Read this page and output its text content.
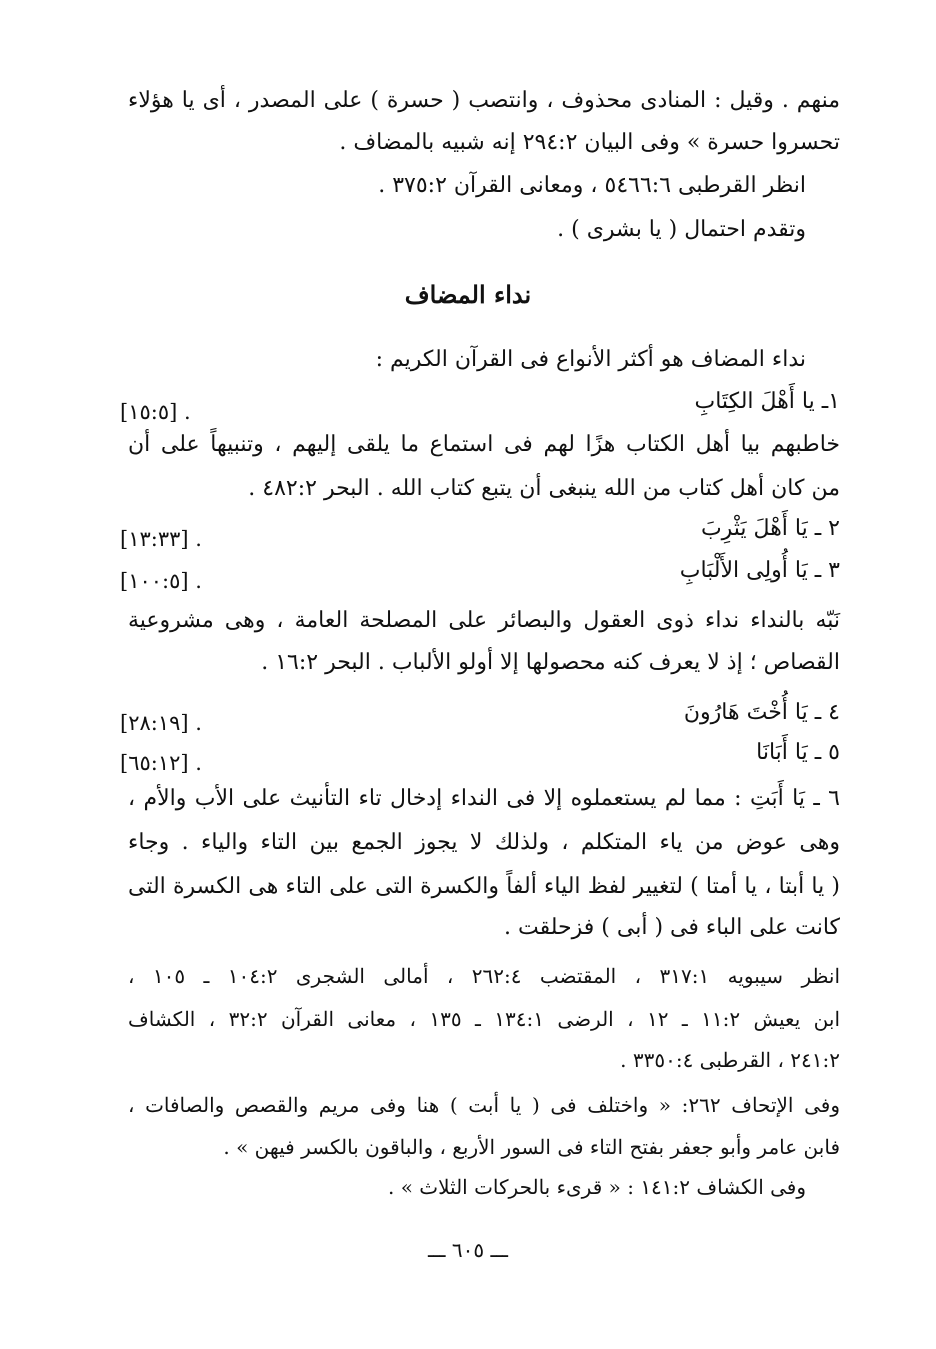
منهم . وقيل : المنادى محذوف ، وانتصب ( حسرة ) على المصدر ، أى يا هؤلاء
تحسروا حسرة » وفى البيان ٢٩٤:٢ إنه شبيه بالمضاف .
انظر القرطبى ٥٤٦٦:٦ ، ومعانى القرآن ٣٧٥:٢ .
وتقدم احتمال ( يا بشرى ) .
نداء المضاف
نداء المضاف هو أكثر الأنواع فى القرآن الكريم :
١ـ يا أَهْلَ الكِتَابِ
[١٥:٥] .
خاطبهم بيا أهل الكتاب هزًا لهم فى استماع ما يلقى إليهم ، وتنبيهاً على أن
من كان أهل كتاب من الله ينبغى أن يتبع كتاب الله . البحر ٤٨٢:٢ .
٢ ـ يَا أَهْلَ يَثْرِبَ
[١٣:٣٣] .
٣ ـ يَا أُولِى الأَلْبَابِ
[١٠٠:٥] .
نَبّه بالنداء نداء ذوى العقول والبصائر على المصلحة العامة ، وهى مشروعية
القصاص ؛ إذ لا يعرف كنه محصولها إلا أولو الألباب . البحر ١٦:٢ .
٤ ـ يَا أُخْتَ هَارُونَ
[٢٨:١٩] .
٥ ـ يَا أَبَانَا
[٦٥:١٢] .
٦ ـ يَا أَبَتِ : مما لم يستعملوه إلا فى النداء إدخال تاء التأنيث على الأب والأم ،
وهى عوض من ياء المتكلم ، ولذلك لا يجوز الجمع بين التاء والياء . وجاء
( يا أبتا ، يا أمتا ) لتغيير لفظ الياء ألفاً والكسرة التى على التاء هى الكسرة التى
كانت على الباء فى ( أبى ) فزحلقت .
انظر سيبويه ٣١٧:١ ، المقتضب ٢٦٢:٤ ، أمالى الشجرى ١٠٤:٢ ـ ١٠٥ ،
ابن يعيش ١١:٢ ـ ١٢ ، الرضى ١٣٤:١ ـ ١٣٥ ، معانى القرآن ٣٢:٢ ، الكشاف
٢٤١:٢ ، القرطبى ٣٣٥٠:٤ .
وفى الإتحاف ٢٦٢: « واختلف فى ( يا أبت ) هنا وفى مريم والقصص والصافات ،
فابن عامر وأبو جعفر بفتح التاء فى السور الأربع ، والباقون بالكسر فيهن » .
وفى الكشاف ١٤١:٢ : « قرىء بالحركات الثلاث » .
ـــ ٦٠٥ ـــ
